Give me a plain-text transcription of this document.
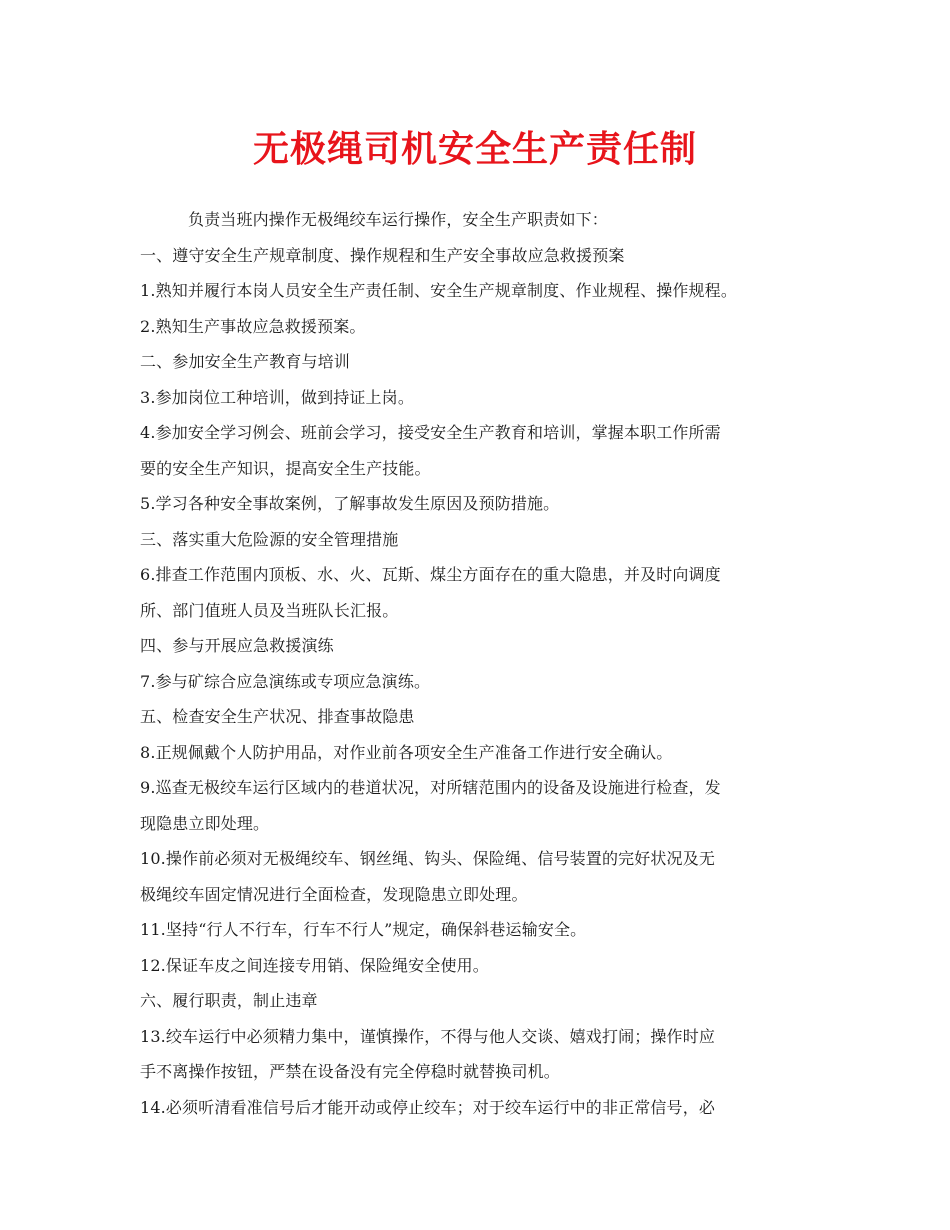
无极绳司机安全生产责任制
负责当班内操作无极绳绞车运行操作，安全生产职责如下：
一、遵守安全生产规章制度、操作规程和生产安全事故应急救援预案
1.熟知并履行本岗人员安全生产责任制、安全生产规章制度、作业规程、操作规程。
2.熟知生产事故应急救援预案。
二、参加安全生产教育与培训
3.参加岗位工种培训，做到持证上岗。
4.参加安全学习例会、班前会学习，接受安全生产教育和培训，掌握本职工作所需
要的安全生产知识，提高安全生产技能。
5.学习各种安全事故案例，了解事故发生原因及预防措施。
三、落实重大危险源的安全管理措施
6.排查工作范围内顶板、水、火、瓦斯、煤尘方面存在的重大隐患，并及时向调度
所、部门值班人员及当班队长汇报。
四、参与开展应急救援演练
7.参与矿综合应急演练或专项应急演练。
五、检查安全生产状况、排查事故隐患
8.正规佩戴个人防护用品，对作业前各项安全生产准备工作进行安全确认。
9.巡查无极绞车运行区域内的巷道状况，对所辖范围内的设备及设施进行检查，发
现隐患立即处理。
10.操作前必须对无极绳绞车、钢丝绳、钩头、保险绳、信号装置的完好状况及无
极绳绞车固定情况进行全面检查，发现隐患立即处理。
11.坚持“行人不行车，行车不行人”规定，确保斜巷运输安全。
12.保证车皮之间连接专用销、保险绳安全使用。
六、履行职责，制止违章
13.绞车运行中必须精力集中，谨慎操作，不得与他人交谈、嬉戏打闹；操作时应
手不离操作按钮，严禁在设备没有完全停稳时就替换司机。
14.必须听清看准信号后才能开动或停止绞车；对于绞车运行中的非正常信号，必
